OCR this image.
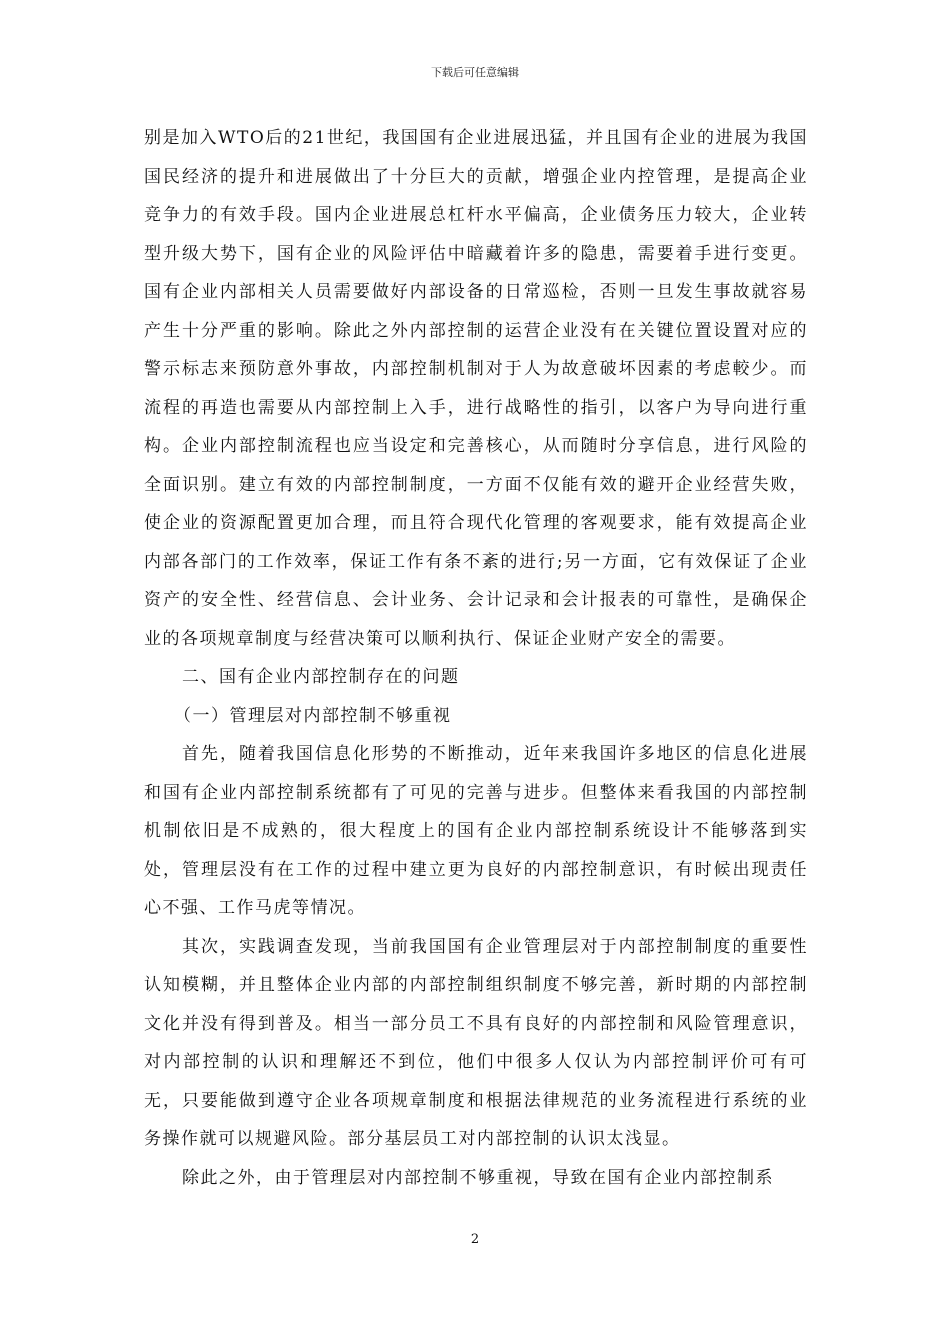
下载后可任意编辑

别是加入WTO后的21世纪，我国国有企业进展迅猛，并且国有企业的进展为我国国民经济的提升和进展做出了十分巨大的贡献，增强企业内控管理，是提高企业竞争力的有效手段。国内企业进展总杠杆水平偏高，企业债务压力较大，企业转型升级大势下，国有企业的风险评估中暗藏着许多的隐患，需要着手进行变更。国有企业内部相关人员需要做好内部设备的日常巡检，否则一旦发生事故就容易产生十分严重的影响。除此之外内部控制的运营企业没有在关键位置设置对应的警示标志来预防意外事故，内部控制机制对于人为故意破坏因素的考虑較少。而流程的再造也需要从内部控制上入手，进行战略性的指引，以客户为导向进行重构。企业内部控制流程也应当设定和完善核心，从而随时分享信息，进行风险的全面识别。建立有效的内部控制制度，一方面不仅能有效的避开企业经营失败，使企业的资源配置更加合理，而且符合现代化管理的客观要求，能有效提高企业内部各部门的工作效率，保证工作有条不紊的进行;另一方面，它有效保证了企业资产的安全性、经营信息、会计业务、会计记录和会计报表的可靠性，是确保企业的各项规章制度与经营决策可以顺利执行、保证企业财产安全的需要。

二、国有企业内部控制存在的问题

（一）管理层对内部控制不够重视

首先，随着我国信息化形势的不断推动，近年来我国许多地区的信息化进展和国有企业内部控制系统都有了可见的完善与进步。但整体来看我国的内部控制机制依旧是不成熟的，很大程度上的国有企业内部控制系统设计不能够落到实处，管理层没有在工作的过程中建立更为良好的内部控制意识，有时候出现责任心不强、工作马虎等情况。

其次，实践调查发现，当前我国国有企业管理层对于内部控制制度的重要性认知模糊，并且整体企业内部的内部控制组织制度不够完善，新时期的内部控制文化并没有得到普及。相当一部分员工不具有良好的内部控制和风险管理意识，对内部控制的认识和理解还不到位，他们中很多人仅认为内部控制评价可有可无，只要能做到遵守企业各项规章制度和根据法律规范的业务流程进行系统的业务操作就可以规避风险。部分基层员工对内部控制的认识太浅显。

除此之外，由于管理层对内部控制不够重视，导致在国有企业内部控制系

2
